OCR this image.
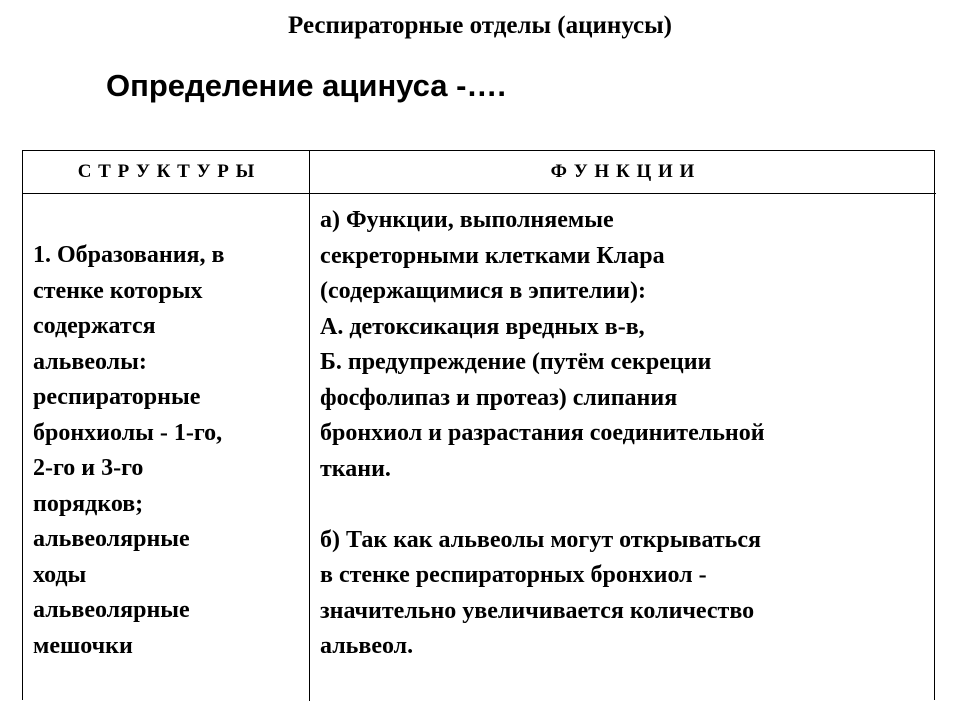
Респираторные отделы (ацинусы)
Определение ацинуса -….
С Т Р У К Т У Р Ы	Ф У Н К Ц И И
1. Образования, в
стенке которых
содержатся
альвеолы:
респираторные
бронхиолы - 1-го,
2-го и 3-го
порядков;
альвеолярные
ходы
альвеолярные
мешочки
а) Функции, выполняемые
секреторными клетками Клара
(содержащимися в эпителии):
А. детоксикация вредных в-в,
Б. предупреждение (путём секреции
фосфолипаз и протеаз) слипания
бронхиол и разрастания соединительной
ткани.
б) Так как альвеолы могут открываться
в стенке респираторных бронхиол -
значительно увеличивается количество
альвеол.
